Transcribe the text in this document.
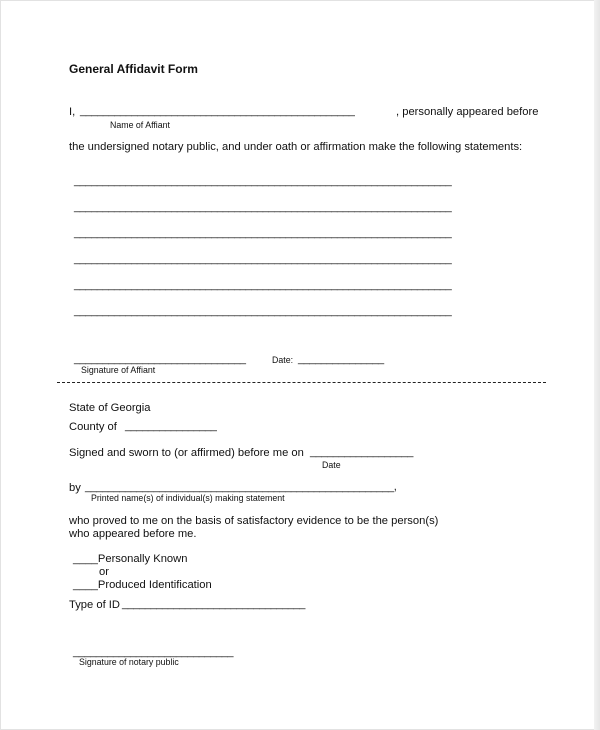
General Affidavit Form
I, ________________________________________________	, personally appeared before
Name of Affiant
the undersigned notary public, and under oath or affirmation make the following statements:
__________________________________________________________________
__________________________________________________________________
__________________________________________________________________
__________________________________________________________________
__________________________________________________________________
__________________________________________________________________
______________________________	Date: _______________
Signature of Affiant
State of Georgia
County of ________________
Signed and sworn to (or affirmed) before me on __________________
Date
by ______________________________________________________,
Printed name(s) of individual(s) making statement
who proved to me on the basis of satisfactory evidence to be the person(s)
who appeared before me.
____Personally Known
or
____Produced Identification
Type of ID ________________________________
____________________________
Signature of notary public
